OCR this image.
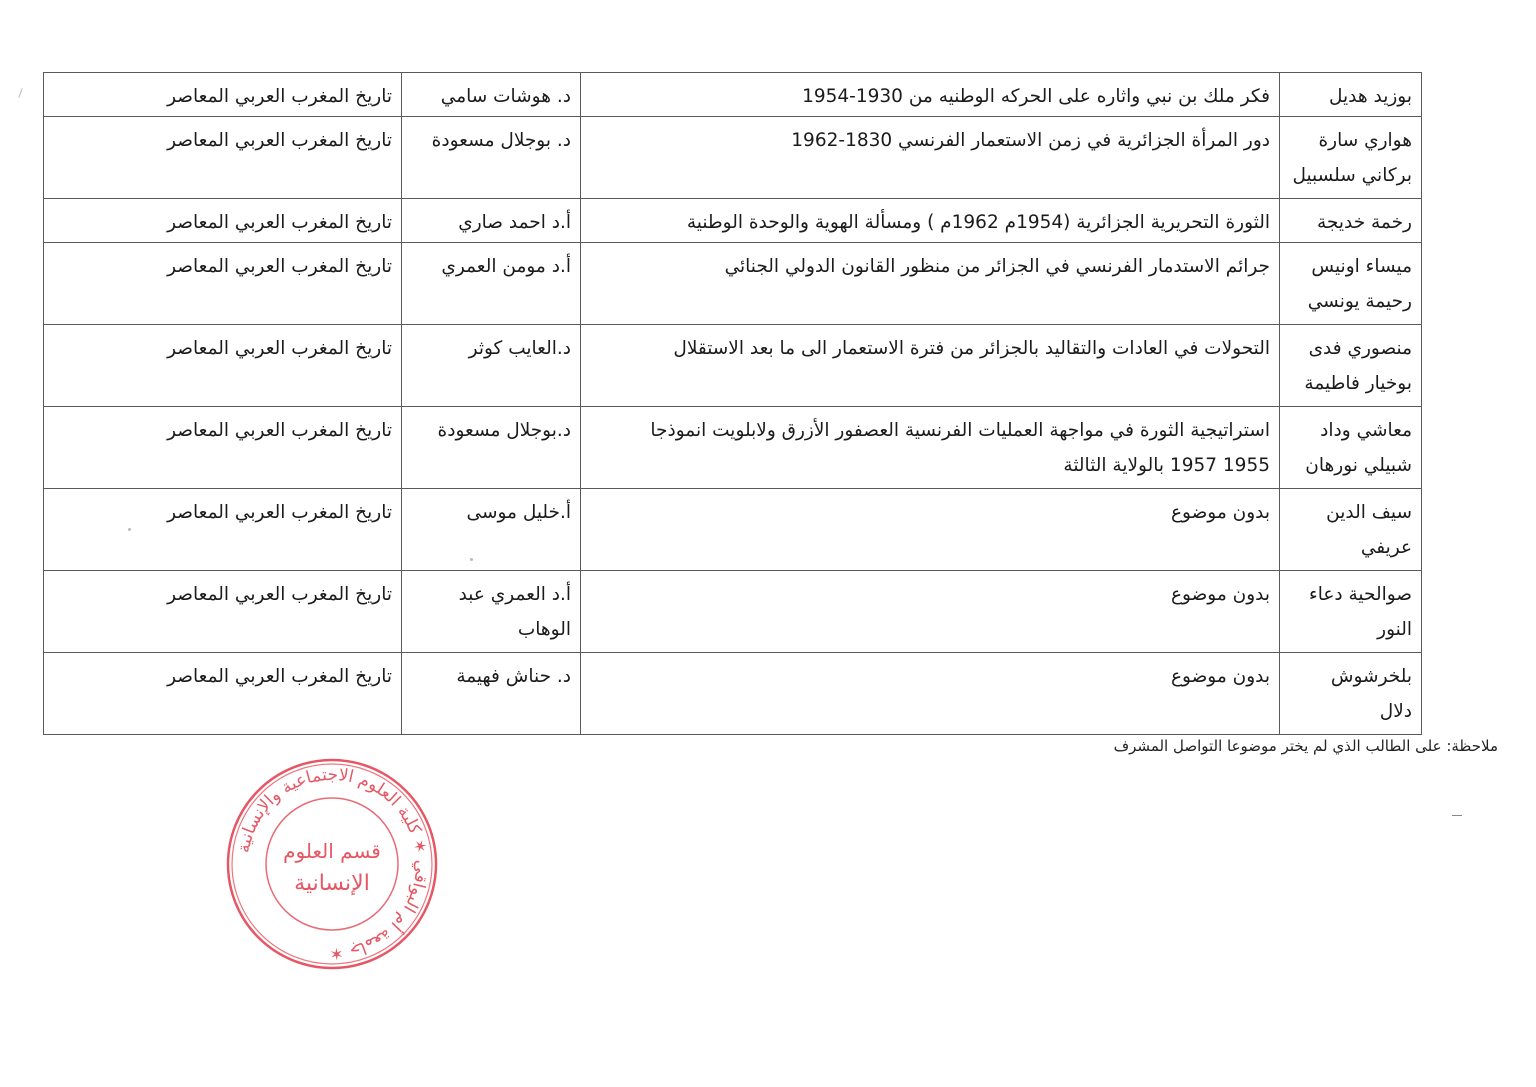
بوزيد هديل	فكر ملك بن نبي واثاره على الحركه الوطنيه من 1930-1954	د. هوشات سامي	تاريخ المغرب العربي المعاصر

هواري سارة
بركاني سلسبيل	دور المرأة الجزائرية في زمن الاستعمار الفرنسي 1830-1962	د. بوجلال مسعودة	تاريخ المغرب العربي المعاصر

رخمة خديجة	الثورة التحريرية الجزائرية (1954م 1962م ) ومسألة الهوية والوحدة الوطنية	أ.د احمد صاري	تاريخ المغرب العربي المعاصر

ميساء اونيس
رحيمة يونسي	جرائم الاستدمار الفرنسي في الجزائر من منظور القانون الدولي الجنائي	أ.د مومن العمري	تاريخ المغرب العربي المعاصر

منصوري فدى
بوخيار فاطيمة	التحولات في العادات والتقاليد بالجزائر من فترة الاستعمار الى ما بعد الاستقلال	د.العايب كوثر	تاريخ المغرب العربي المعاصر

معاشي وداد
شبيلي نورهان	استراتيجية الثورة في مواجهة العمليات الفرنسية العصفور الأزرق ولابلويت انموذجا
1955 1957 بالولاية الثالثة	د.بوجلال مسعودة	تاريخ المغرب العربي المعاصر

سيف الدين
عريفي	بدون موضوع	أ.خليل موسى	تاريخ المغرب العربي المعاصر

صوالحية دعاء
النور	بدون موضوع	أ.د العمري عبد
الوهاب	تاريخ المغرب العربي المعاصر

بلخرشوش
دلال	بدون موضوع	د. حناش فهيمة	تاريخ المغرب العربي المعاصر
ملاحظة: على الطالب الذي لم يختر موضوعا التواصل المشرف
جامعة أم البواقي ✶ كلية العلوم الاجتماعية والإنسانية ✶
قسم العلوم
الإنسانية
